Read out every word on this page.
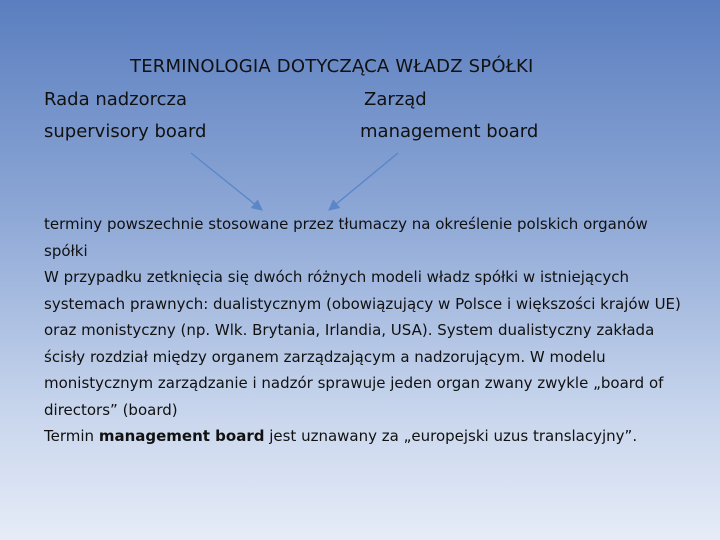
TERMINOLOGIA DOTYCZĄCA WŁADZ SPÓŁKI
Rada nadzorcza	Zarząd
supervisory board	management board

terminy powszechnie stosowane przez tłumaczy na określenie polskich organów spółki

W przypadku zetknięcia się dwóch różnych modeli władz spółki w istniejących systemach prawnych: dualistycznym (obowiązujący w Polsce i większości krajów UE) oraz monistyczny (np. Wlk. Brytania, Irlandia, USA). System dualistyczny zakłada ścisły rozdział między organem zarządzającym a nadzorującym. W modelu monistycznym zarządzanie i nadzór sprawuje jeden organ zwany zwykle „board of directors” (board)

Termin management board jest uznawany za „europejski uzus translacyjny”.
